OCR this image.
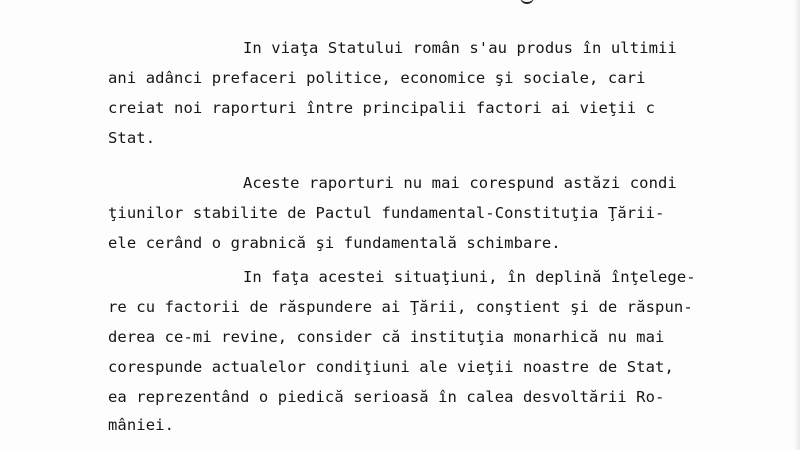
In viaţa Statului român s'au produs în ultimii

ani adânci prefaceri politice, economice şi sociale, cari

creiat noi raporturi între principalii factori ai vieţii c

Stat.

Aceste raporturi nu mai corespund astăzi condi

ţiunilor stabilite de Pactul fundamental-Constituţia Ţării-

ele cerând o grabnică şi fundamentală schimbare.

In faţa acestei situaţiuni, în deplină înţelege-

re cu factorii de răspundere ai Ţării, conştient şi de răspun-

derea ce-mi revine, consider că instituţia monarhică nu mai

corespunde actualelor condiţiuni ale vieţii noastre de Stat,

ea reprezentând o piedică serioasă în calea desvoltării Ro-

mâniei.
